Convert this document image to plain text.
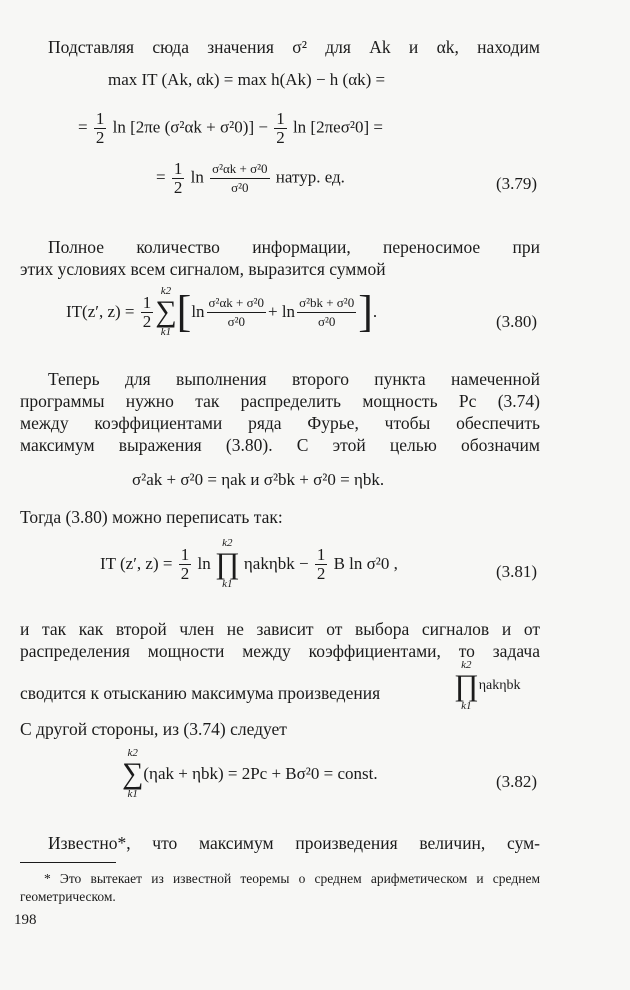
Подставляя сюда значения σ² для Ak и αk, находим
max IT (Ak, αk) = max h(Ak) − h (αk) =
= $\frac{1}{2}$ ln [2πe $(\sigma^2\alpha k + \sigma^20)] - \frac{1}{2}$ ln [2πeσ²0] =
= $\frac{1}{2}$ $\ln \frac{\text{σ²αk + σ²0}}{\text{σ²0}}$ натур. ед.	(3.79)
Полное количество информации, переносимое при
этих условиях всем сигналом, выразится суммой
IT(z′, $z) = \frac{1}{2}$
k2
∑
k1 [$\ln \frac{\text{σ²αk + σ²0}}{\text{σ²0}} + \ln \frac{\text{σ²bk + σ²0}}{\text{σ²0}}$ ].
(3.80)
Теперь для выполнения второго пункта намеченной
программы нужно так распределить мощность Pc (3.74)
между коэффициентами ряда Фурье, чтобы обеспечить
максимум выражения (3.80). С этой целью обозначим
σ²ak + σ²0 = ηak и σ²bk + σ²0 = ηbk.
Тогда (3.80) можно переписать так:
IT (z′, $z) = \frac{1}{2}$ ln
k2
∏
k1
$\eta ak\eta bk - \frac{1}{2}$ B ln σ²0 ,	(3.81)
и так как второй член не зависит от выбора сигналов и от
распределения мощности между коэффициентами, то задача
сводится к отысканию максимума произведения
k2
∏
k1
ηakηbk
С другой стороны, из (3.74) следует
k2
∑
k1
(ηak + ηbk) = 2Pc + Bσ²0 = const.	(3.82)
Известно*, что максимум произведения величин, сум-
* Это вытекает из известной теоремы о среднем арифметическом и среднем геометрическом.
198
